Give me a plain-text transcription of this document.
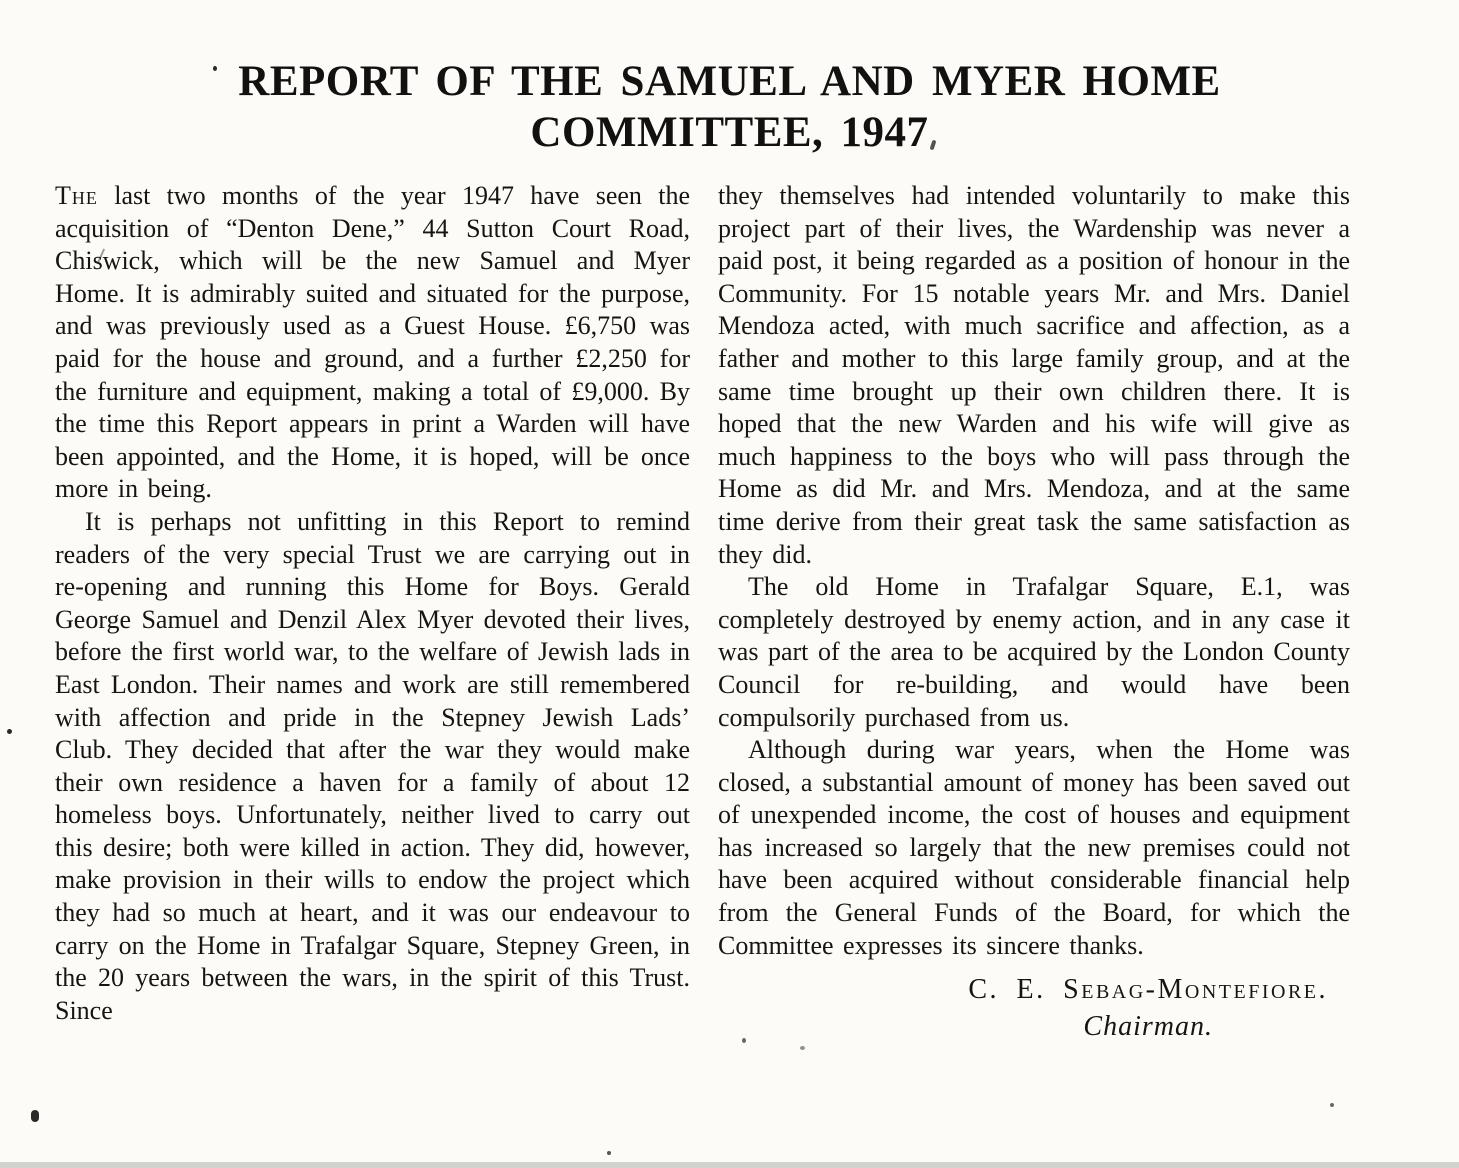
REPORT OF THE SAMUEL AND MYER HOME
COMMITTEE, 1947

The last two months of the year 1947 have seen the acquisition of “Denton Dene,” 44 Sutton Court Road, Chiswick, which will be the new Samuel and Myer Home. It is admirably suited and situated for the purpose, and was previously used as a Guest House. £6,750 was paid for the house and ground, and a further £2,250 for the furniture and equipment, making a total of £9,000. By the time this Report appears in print a Warden will have been appointed, and the Home, it is hoped, will be once more in being.

It is perhaps not unfitting in this Report to remind readers of the very special Trust we are carrying out in re-opening and running this Home for Boys. Gerald George Samuel and Denzil Alex Myer devoted their lives, before the first world war, to the welfare of Jewish lads in East London. Their names and work are still remembered with affection and pride in the Stepney Jewish Lads’ Club. They decided that after the war they would make their own residence a haven for a family of about 12 homeless boys. Unfortunately, neither lived to carry out this desire; both were killed in action. They did, however, make provision in their wills to endow the project which they had so much at heart, and it was our endeavour to carry on the Home in Trafalgar Square, Stepney Green, in the 20 years between the wars, in the spirit of this Trust. Since

they themselves had intended voluntarily to make this project part of their lives, the Wardenship was never a paid post, it being regarded as a position of honour in the Community. For 15 notable years Mr. and Mrs. Daniel Mendoza acted, with much sacrifice and affection, as a father and mother to this large family group, and at the same time brought up their own children there. It is hoped that the new Warden and his wife will give as much happiness to the boys who will pass through the Home as did Mr. and Mrs. Mendoza, and at the same time derive from their great task the same satisfaction as they did.

The old Home in Trafalgar Square, E.1, was completely destroyed by enemy action, and in any case it was part of the area to be acquired by the London County Council for re-building, and would have been compulsorily purchased from us.

Although during war years, when the Home was closed, a substantial amount of money has been saved out of unexpended income, the cost of houses and equipment has increased so largely that the new premises could not have been acquired without considerable financial help from the General Funds of the Board, for which the Committee expresses its sincere thanks.

C. E. Sebag-Montefiore.
Chairman.
